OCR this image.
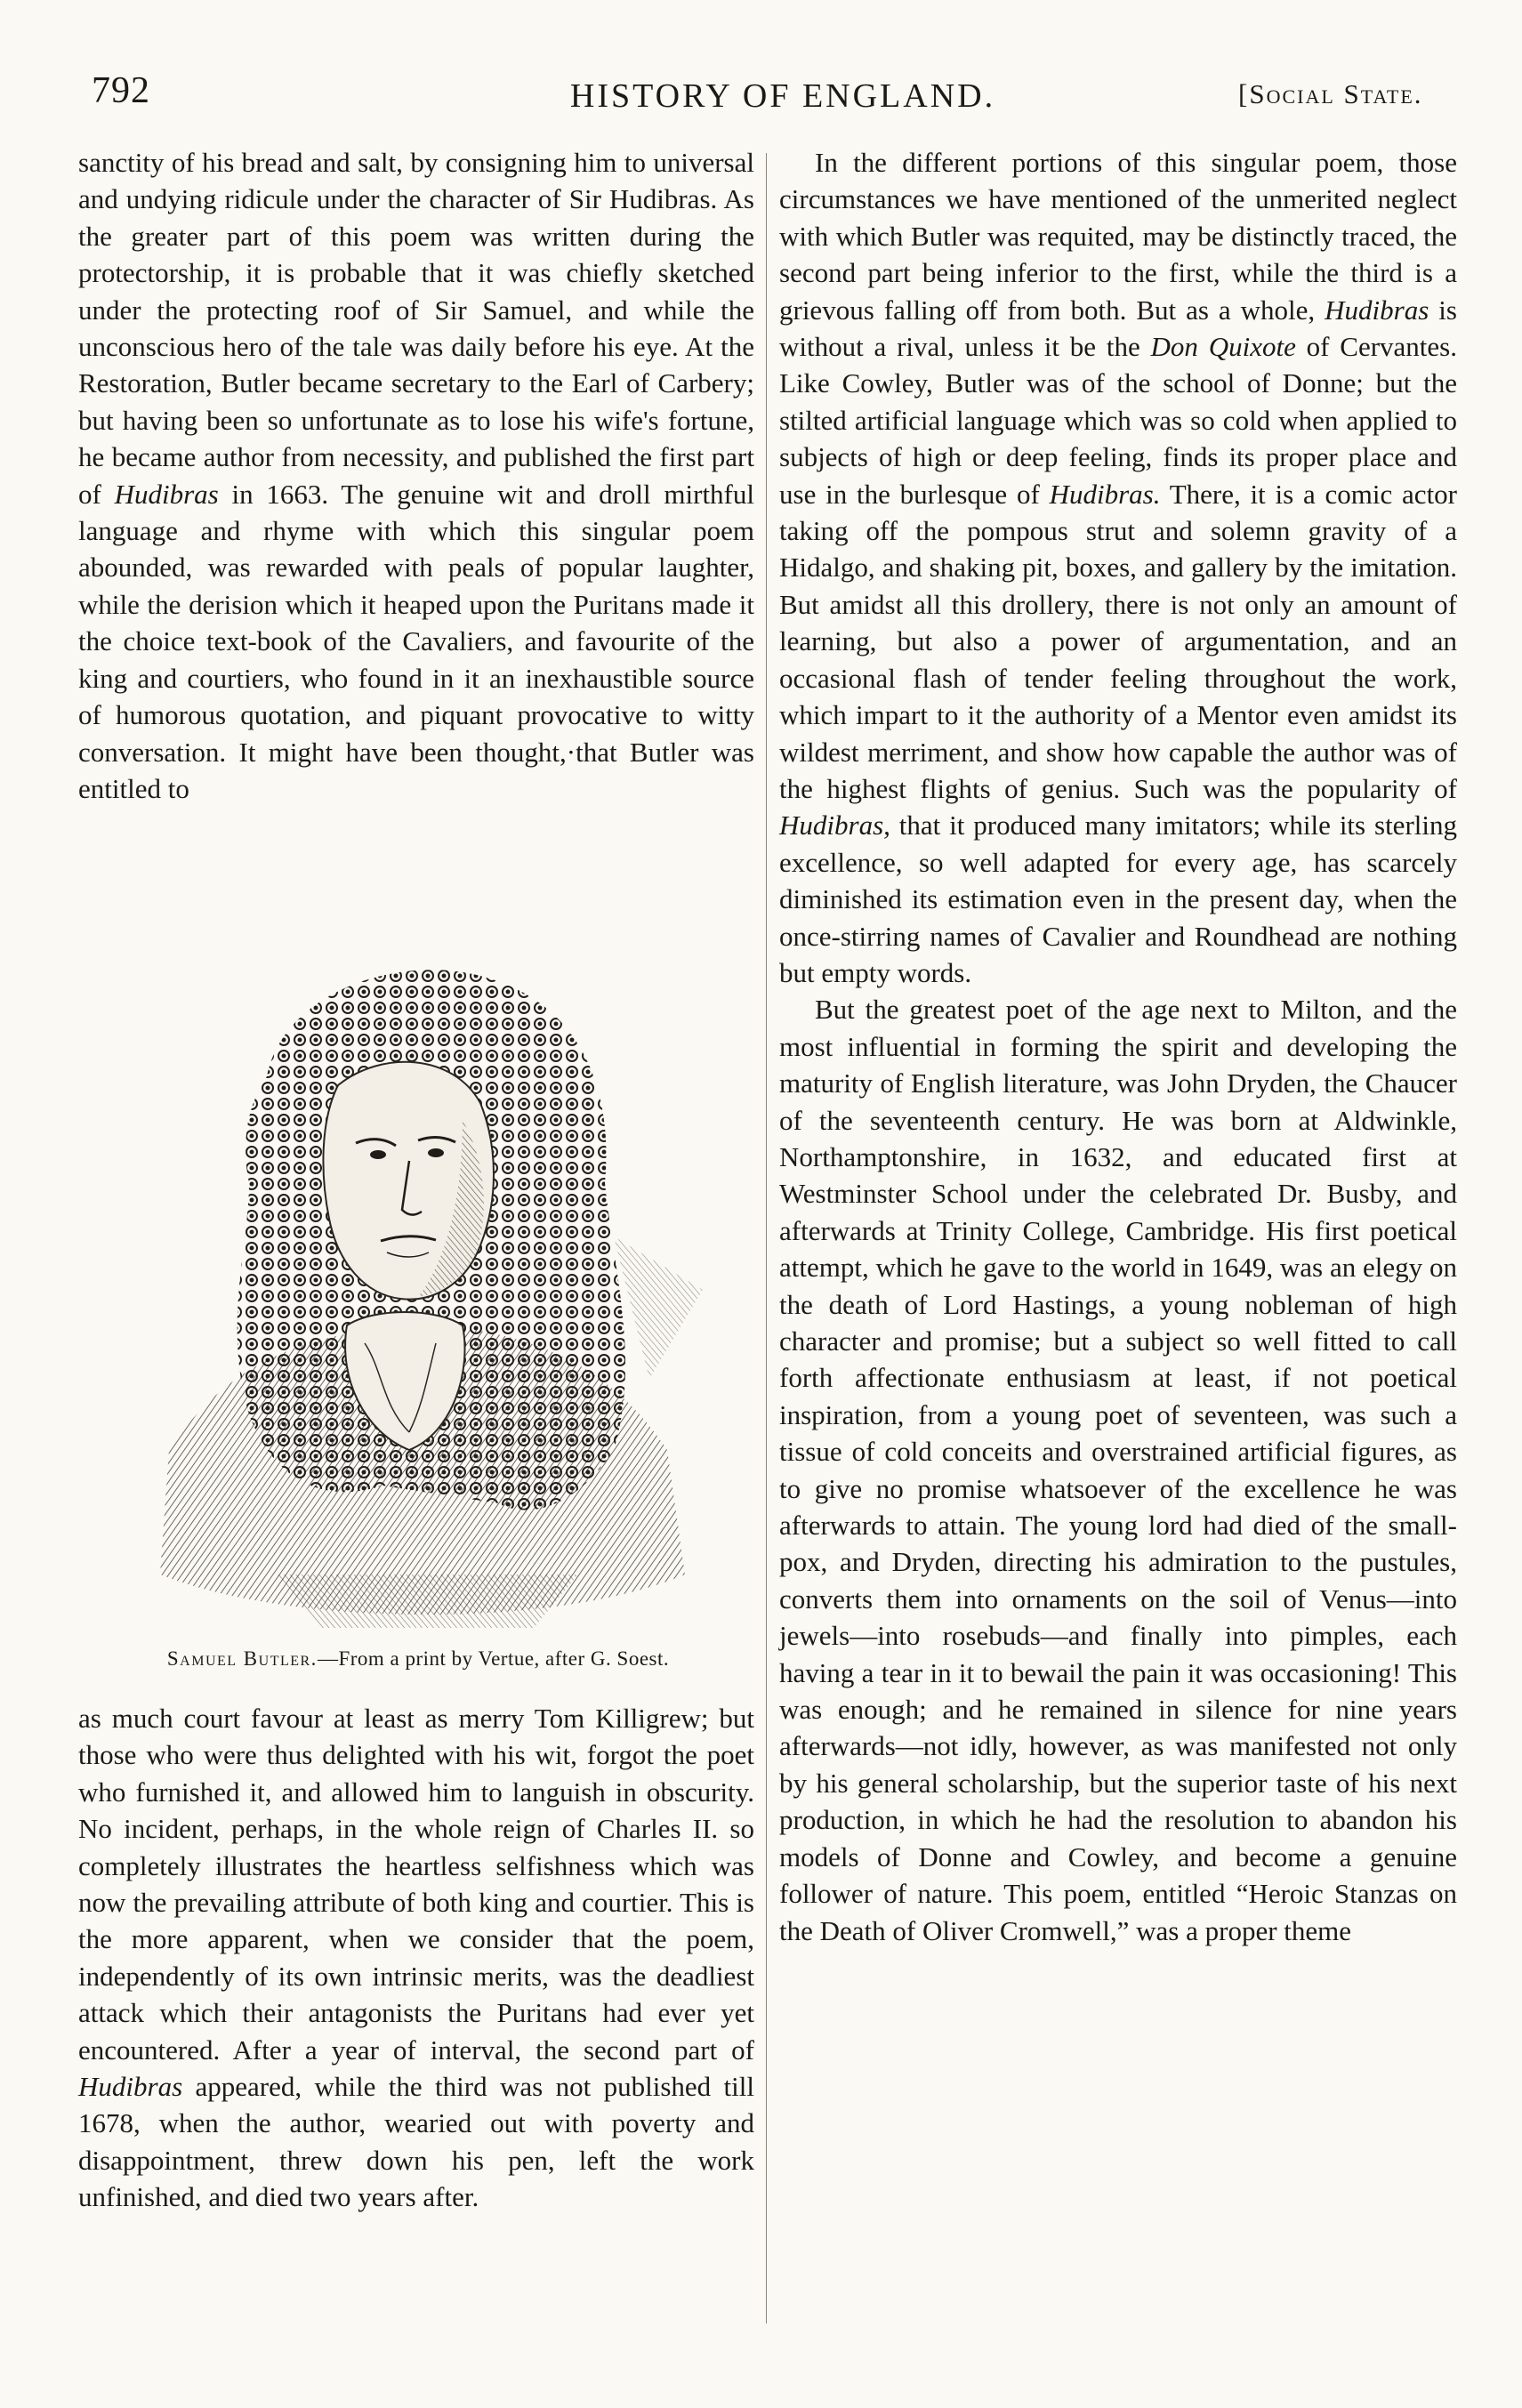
792	HISTORY OF ENGLAND.	[Social State.

sanctity of his bread and salt, by consigning him to universal and undying ridicule under the character of Sir Hudibras. As the greater part of this poem was written during the protectorship, it is probable that it was chiefly sketched under the protecting roof of Sir Samuel, and while the unconscious hero of the tale was daily before his eye. At the Restoration, Butler became secretary to the Earl of Carbery; but having been so unfortunate as to lose his wife's fortune, he became author from necessity, and published the first part of Hudibras in 1663. The genuine wit and droll mirthful language and rhyme with which this singular poem abounded, was rewarded with peals of popular laughter, while the derision which it heaped upon the Puritans made it the choice text-book of the Cavaliers, and favourite of the king and courtiers, who found in it an inexhaustible source of humorous quotation, and piquant provocative to witty conversation. It might have been thought,·that Butler was entitled to

Samuel Butler.—From a print by Vertue, after G. Soest.

as much court favour at least as merry Tom Killigrew; but those who were thus delighted with his wit, forgot the poet who furnished it, and allowed him to languish in obscurity. No incident, perhaps, in the whole reign of Charles II. so completely illustrates the heartless selfishness which was now the prevailing attribute of both king and courtier. This is the more apparent, when we consider that the poem, independently of its own intrinsic merits, was the deadliest attack which their antagonists the Puritans had ever yet encountered. After a year of interval, the second part of Hudibras appeared, while the third was not published till 1678, when the author, wearied out with poverty and disappointment, threw down his pen, left the work unfinished, and died two years after.

In the different portions of this singular poem, those circumstances we have mentioned of the unmerited neglect with which Butler was requited, may be distinctly traced, the second part being inferior to the first, while the third is a grievous falling off from both. But as a whole, Hudibras is without a rival, unless it be the Don Quixote of Cervantes. Like Cowley, Butler was of the school of Donne; but the stilted artificial language which was so cold when applied to subjects of high or deep feeling, finds its proper place and use in the burlesque of Hudibras. There, it is a comic actor taking off the pompous strut and solemn gravity of a Hidalgo, and shaking pit, boxes, and gallery by the imitation. But amidst all this drollery, there is not only an amount of learning, but also a power of argumentation, and an occasional flash of tender feeling throughout the work, which impart to it the authority of a Mentor even amidst its wildest merriment, and show how capable the author was of the highest flights of genius. Such was the popularity of Hudibras, that it produced many imitators; while its sterling excellence, so well adapted for every age, has scarcely diminished its estimation even in the present day, when the once-stirring names of Cavalier and Roundhead are nothing but empty words.

But the greatest poet of the age next to Milton, and the most influential in forming the spirit and developing the maturity of English literature, was John Dryden, the Chaucer of the seventeenth century. He was born at Aldwinkle, Northamptonshire, in 1632, and educated first at Westminster School under the celebrated Dr. Busby, and afterwards at Trinity College, Cambridge. His first poetical attempt, which he gave to the world in 1649, was an elegy on the death of Lord Hastings, a young nobleman of high character and promise; but a subject so well fitted to call forth affectionate enthusiasm at least, if not poetical inspiration, from a young poet of seventeen, was such a tissue of cold conceits and overstrained artificial figures, as to give no promise whatsoever of the excellence he was afterwards to attain. The young lord had died of the small-pox, and Dryden, directing his admiration to the pustules, converts them into ornaments on the soil of Venus—into jewels—into rosebuds—and finally into pimples, each having a tear in it to bewail the pain it was occasioning! This was enough; and he remained in silence for nine years afterwards—not idly, however, as was manifested not only by his general scholarship, but the superior taste of his next production, in which he had the resolution to abandon his models of Donne and Cowley, and become a genuine follower of nature. This poem, entitled “Heroic Stanzas on the Death of Oliver Cromwell,” was a proper theme
